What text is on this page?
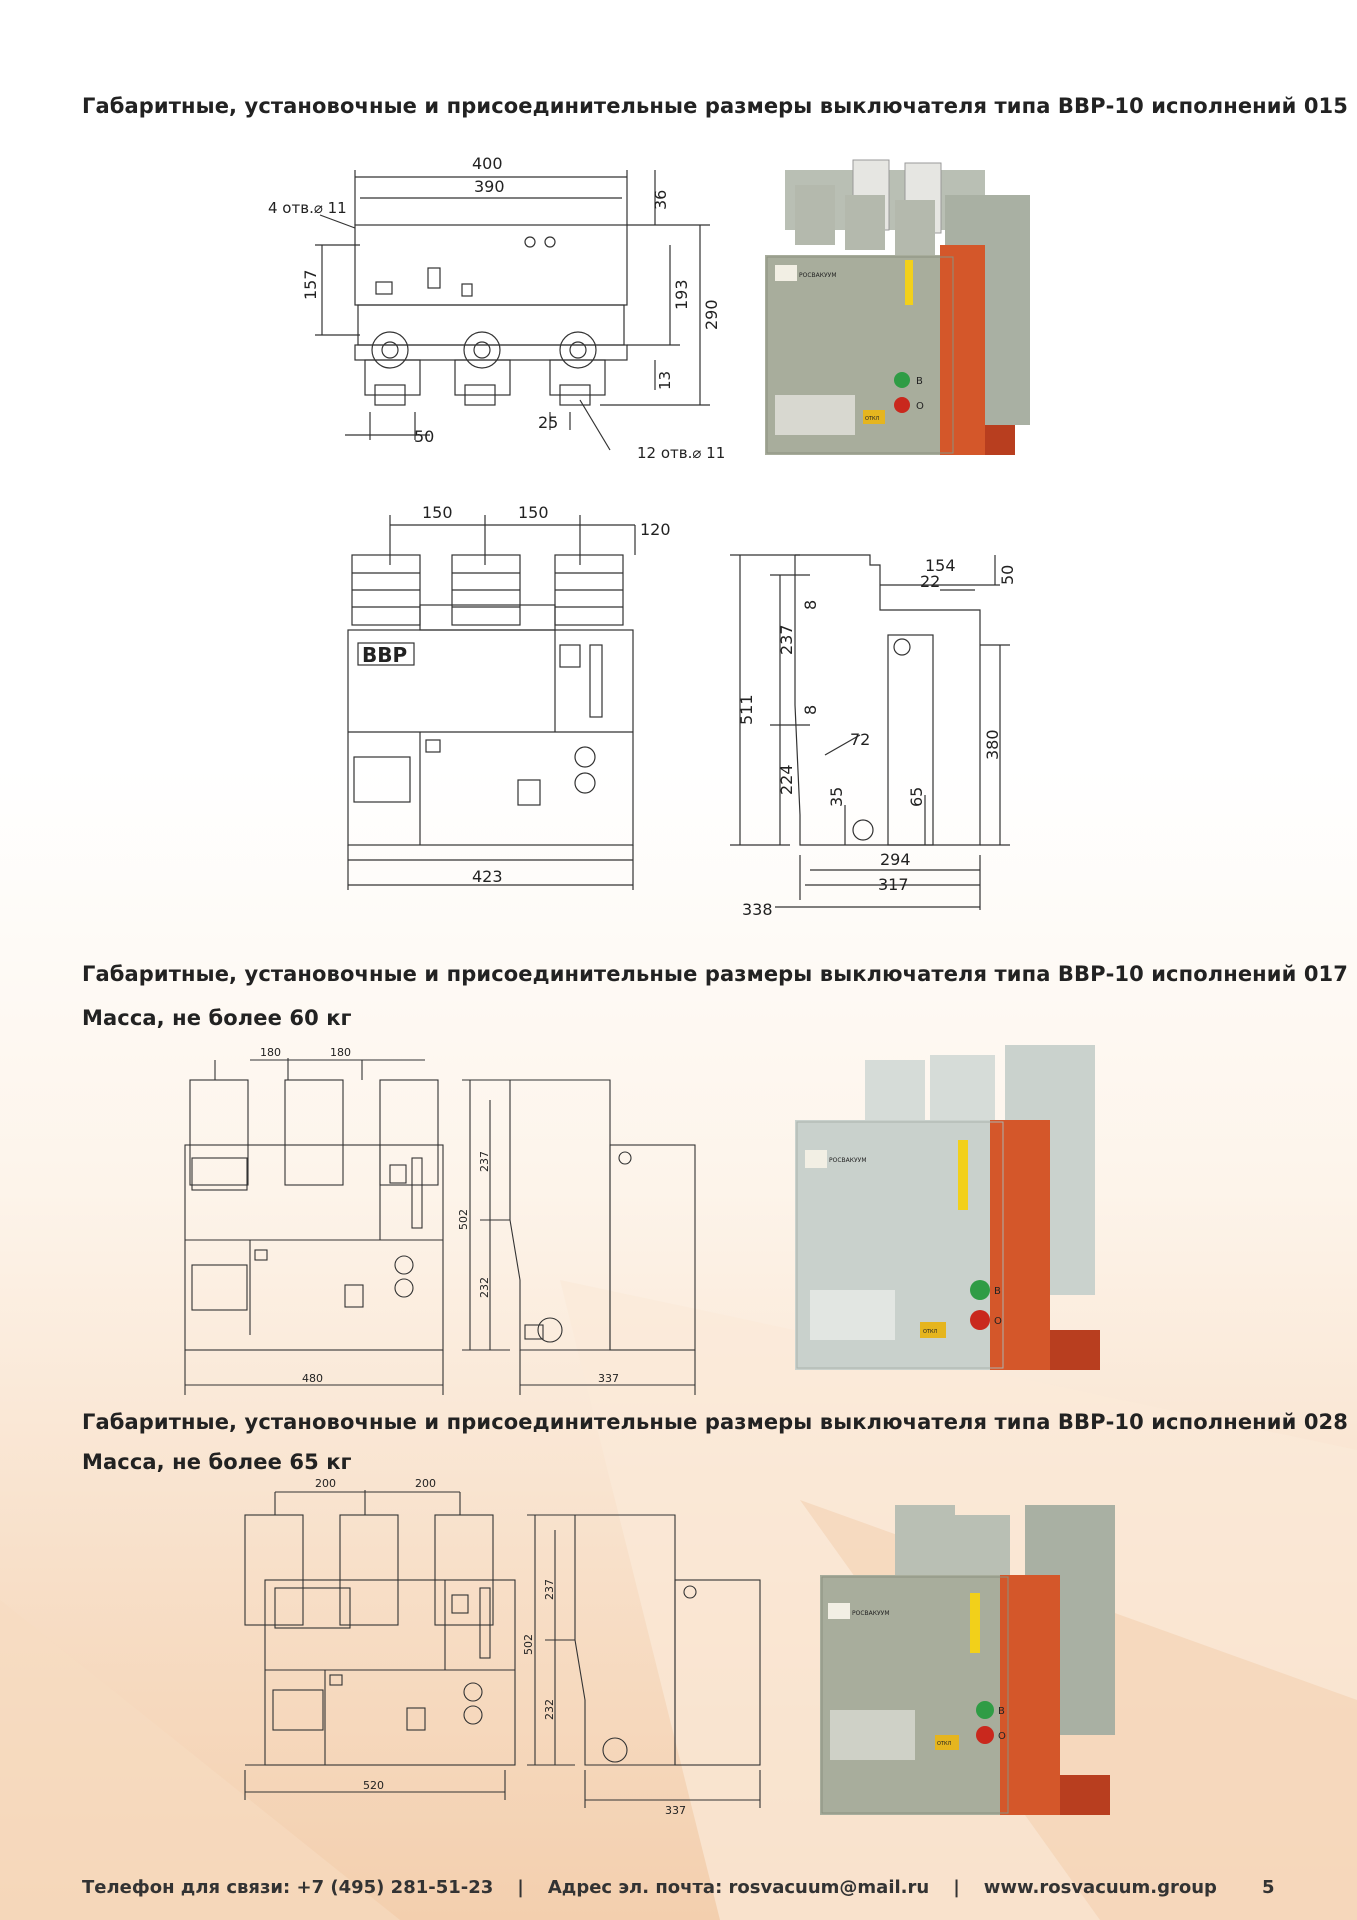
Габаритные, установочные и присоединительные размеры выключателя типа ВВР-10 исполнений 015
Габаритные, установочные и присоединительные размеры выключателя типа ВВР-10 исполнений 017
Масса, не более 60 кг
Габаритные, установочные и присоединительные размеры выключателя типа ВВР-10 исполнений 028
Масса, не более 65 кг
400
390
4 отв.⌀ 11
157
36
193
290
13
50
25
12 отв.⌀ 11
РОСВАКУУМ
В
О
ОТКЛ
ВВР
150	150
120
423
154
22	50
8
237
8
511
72
224
35	65
380
294
317
338
180	180
480
237
502
232
337
РОСВАКУУМ
В
О
ОТКЛ
200	200
520
237
502
232
337
РОСВАКУУМ
В
О
ОТКЛ
Телефон для связи: +7 (495) 281-51-23 | Адрес эл. почта: rosvacuum@mail.ru | www.rosvacuum.group	5
